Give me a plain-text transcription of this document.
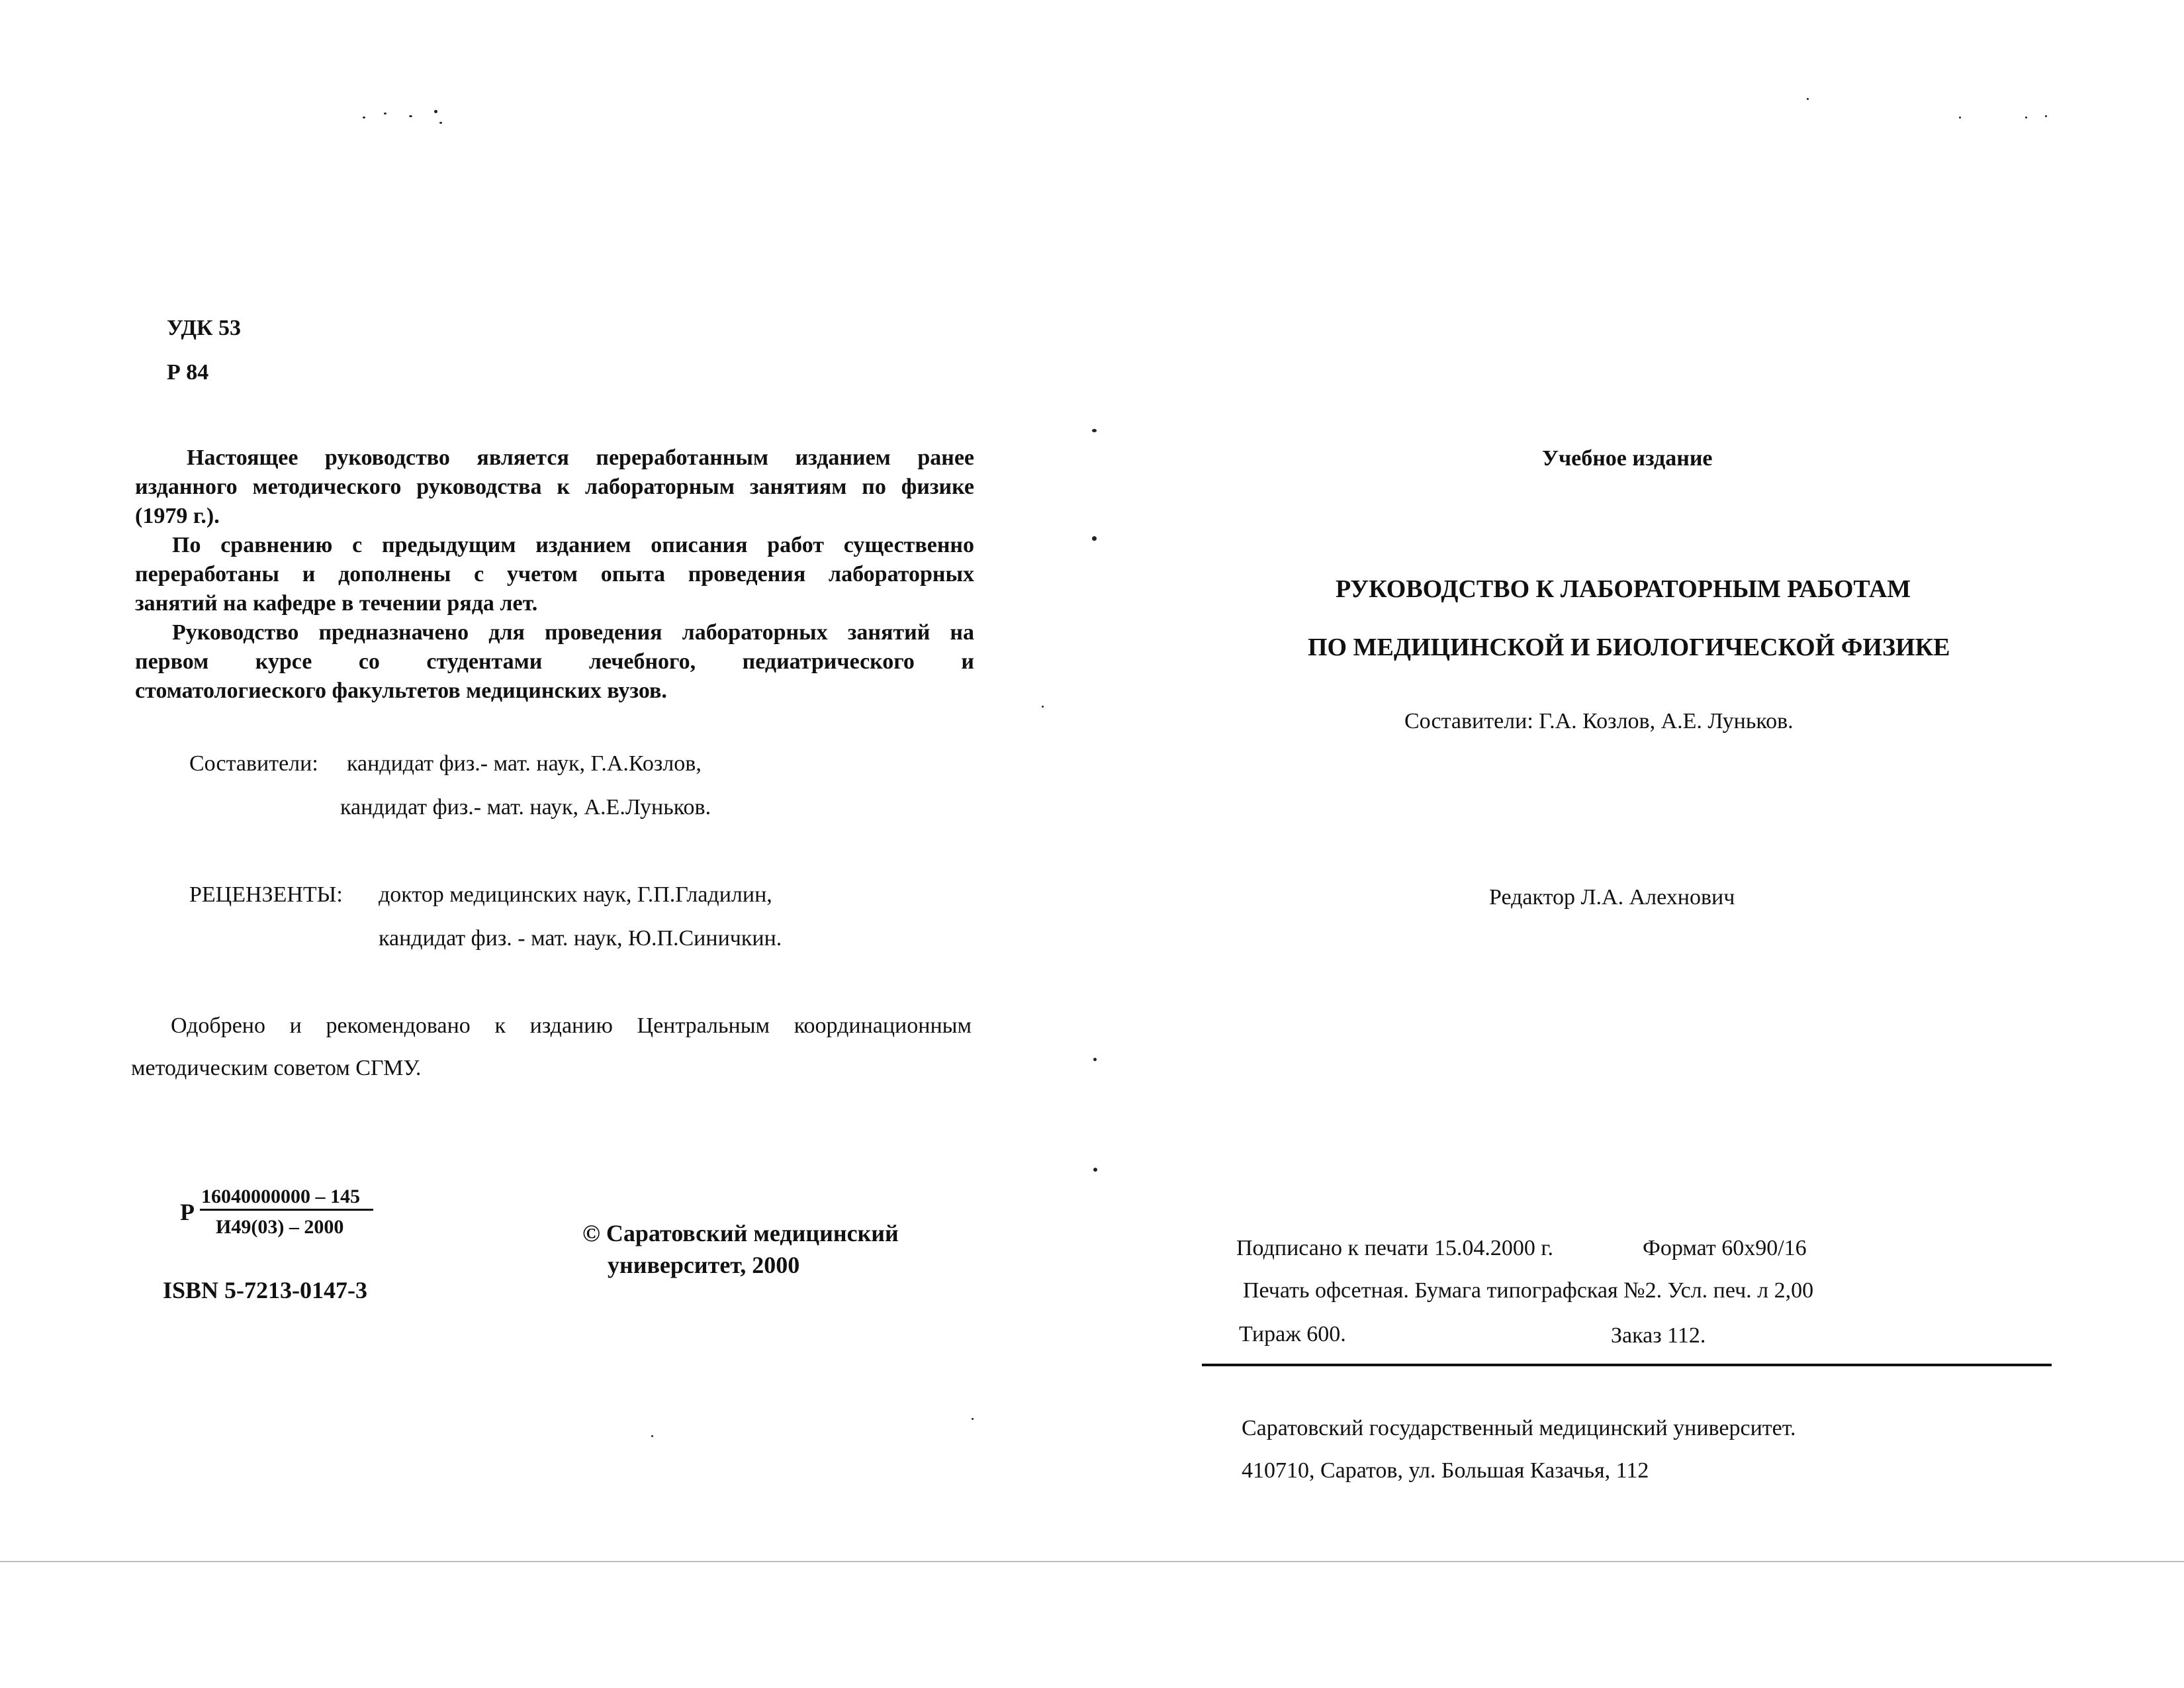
УДК 53
Р 84
Настоящее руководство является переработанным изданием ранее
изданного методического руководства к лабораторным занятиям по физике
(1979 г.).
По сравнению с предыдущим изданием описания работ существенно
переработаны и дополнены с учетом опыта проведения лабораторных
занятий на кафедре в течении ряда лет.
Руководство предназначено для проведения лабораторных занятий на
первом курсе со студентами лечебного, педиатрического и
стоматологиеского факультетов медицинских вузов.
Составители: кандидат физ.- мат. наук, Г.А.Козлов,
кандидат физ.- мат. наук, А.Е.Луньков.
РЕЦЕНЗЕНТЫ: доктор медицинских наук, Г.П.Гладилин,
кандидат физ. - мат. наук, Ю.П.Синичкин.
Одобрено и рекомендовано к изданию Центральным координационным
методическим советом СГМУ.
Р
16040000000 – 145
И49(03) – 2000
ISBN 5-7213-0147-3
© Саратовский медицинский
университет, 2000
Учебное издание
РУКОВОДСТВО К ЛАБОРАТОРНЫМ РАБОТАМ
ПО МЕДИЦИНСКОЙ И БИОЛОГИЧЕСКОЙ ФИЗИКЕ
Составители: Г.А. Козлов, А.Е. Луньков.
Редактор Л.А. Алехнович
Подписано к печати 15.04.2000 г.	Формат 60х90/16
Печать офсетная. Бумага типографская №2. Усл. печ. л 2,00
Тираж 600.	Заказ 112.
Саратовский государственный медицинский университет.
410710, Саратов, ул. Большая Казачья, 112
